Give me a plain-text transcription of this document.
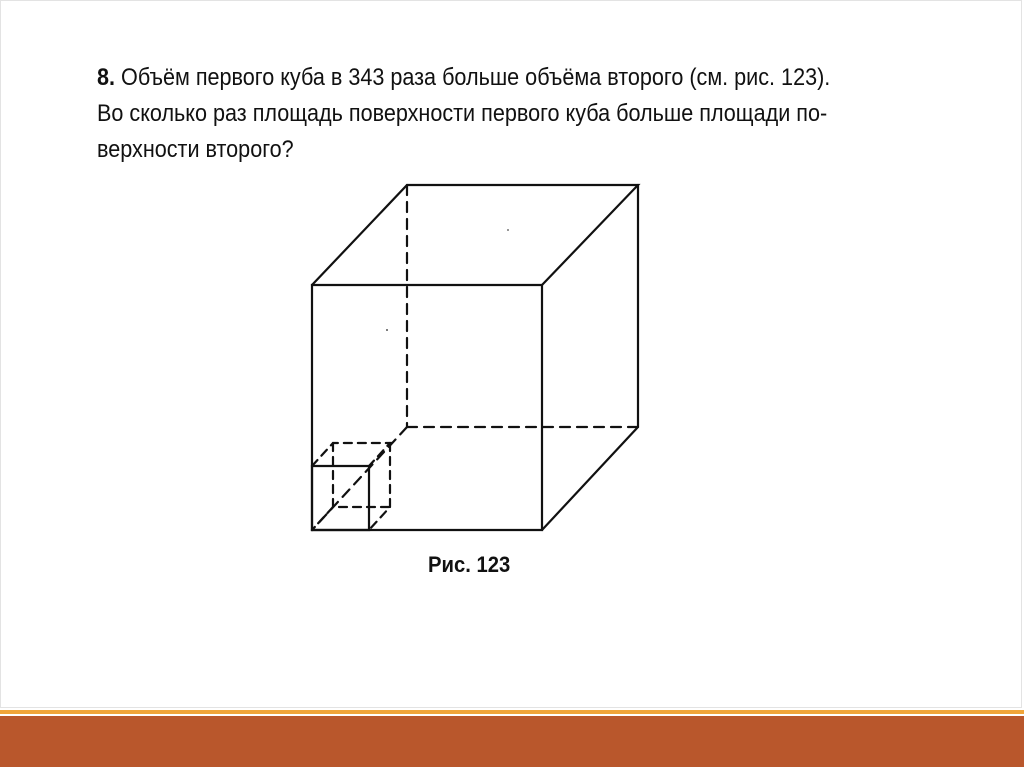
8. Объём первого куба в 343 раза больше объёма второго (см. рис. 123).
Во сколько раз площадь поверхности первого куба больше площади по-
верхности второго?
Рис. 123
